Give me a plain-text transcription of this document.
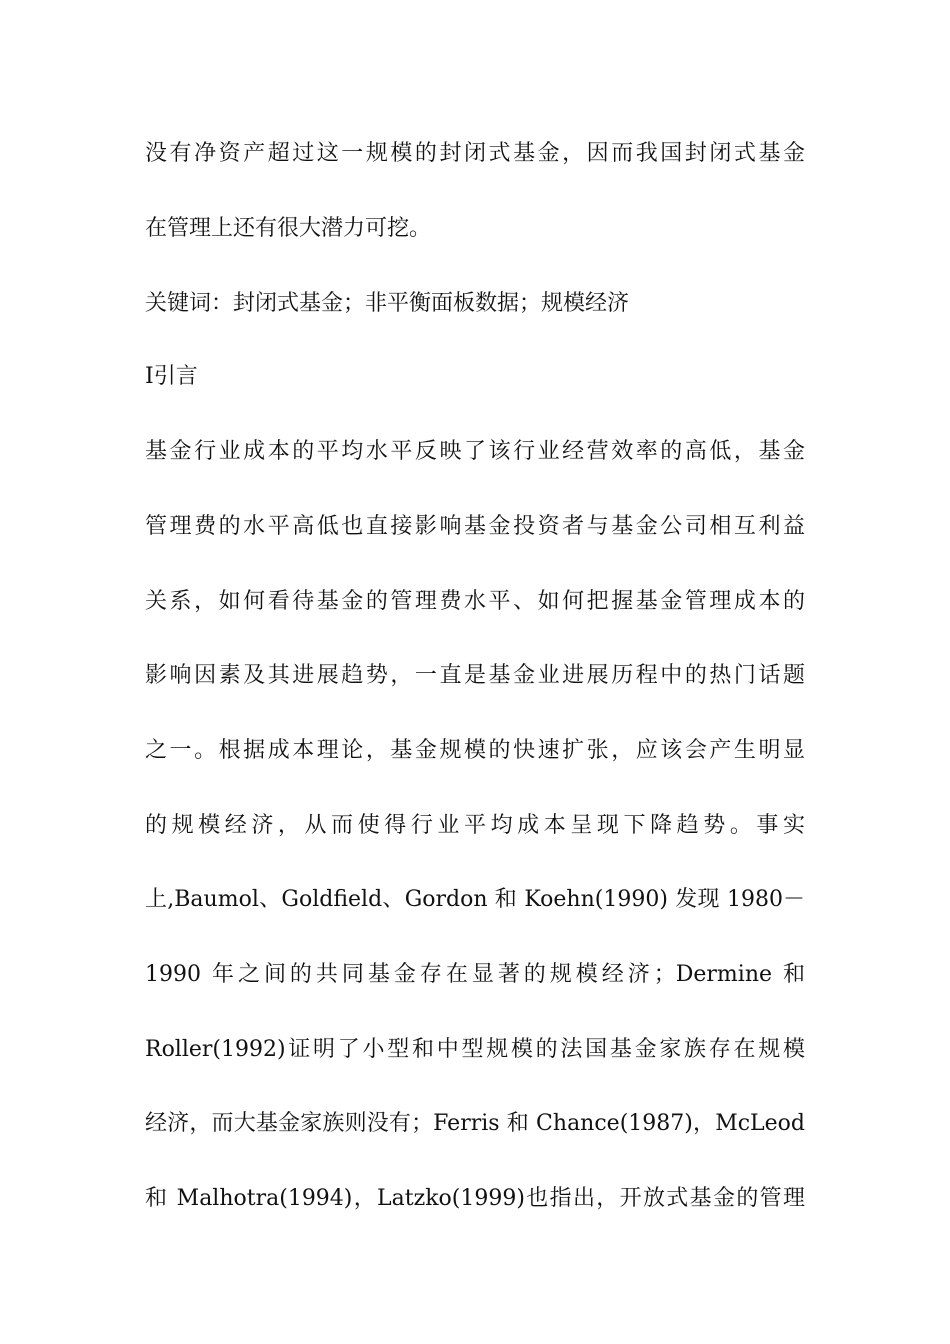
没有净资产超过这一规模的封闭式基金，因而我国封闭式基金
在管理上还有很大潜力可挖。
关键词：封闭式基金；非平衡面板数据；规模经济
Ⅰ引言
基金行业成本的平均水平反映了该行业经营效率的高低，基金
管理费的水平高低也直接影响基金投资者与基金公司相互利益
关系，如何看待基金的管理费水平、如何把握基金管理成本的
影响因素及其进展趋势，一直是基金业进展历程中的热门话题
之一。根据成本理论，基金规模的快速扩张，应该会产生明显
的规模经济，从而使得行业平均成本呈现下降趋势。事实
上,Baumol、Goldfield、Gordon 和 Koehn(1990) 发现 1980－
1990 年之间的共同基金存在显著的规模经济；Dermine 和
Roller(1992)证明了小型和中型规模的法国基金家族存在规模
经济，而大基金家族则没有；Ferris 和 Chance(1987)，McLeod
和 Malhotra(1994)，Latzko(1999)也指出，开放式基金的管理
